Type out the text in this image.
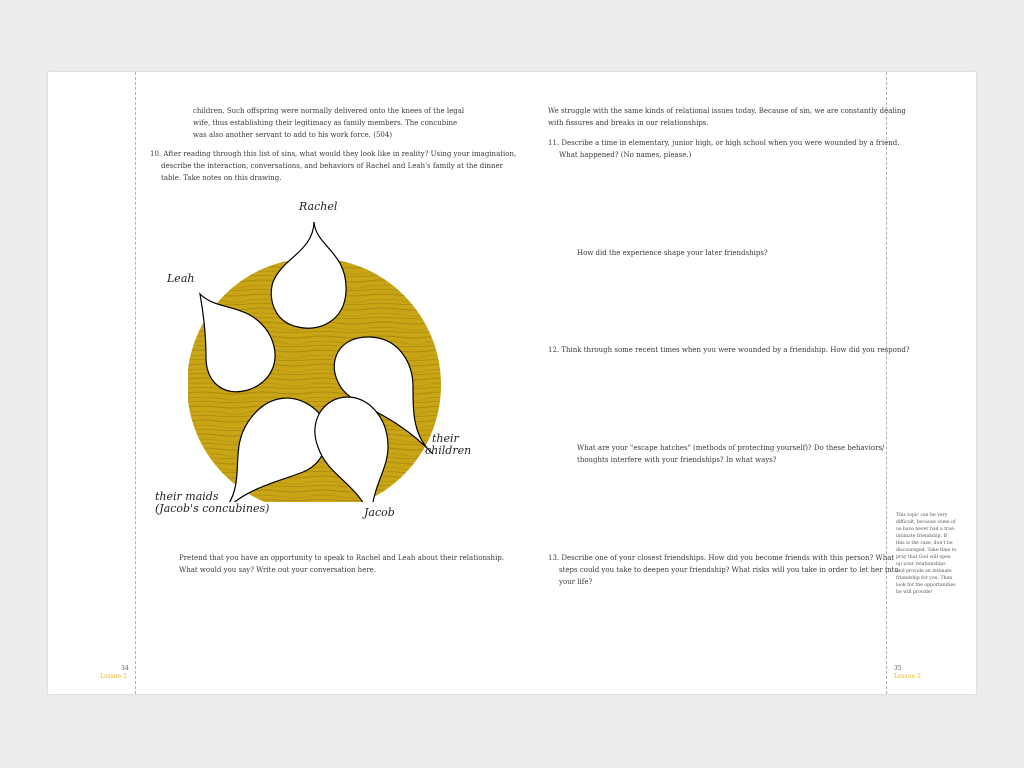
children. Such offspring were normally delivered onto the knees of the legal
wife, thus establishing their legitimacy as family members. The concubine
was also another servant to add to his work force. (504)
10. After reading through this list of sins, what would they look like in reality? Using your imagination,
describe the interaction, conversations, and behaviors of Rachel and Leah's family at the dinner
table. Take notes on this drawing.
Rachel
Leah
their
children
their maids
(Jacob's concubines)	Jacob
Pretend that you have an opportunity to speak to Rachel and Leah about their relationship.
What would you say? Write out your conversation here.
34
Lesson 2
We struggle with the same kinds of relational issues today. Because of sin, we are constantly dealing
with fissures and breaks in our relationships.
11. Describe a time in elementary, junior high, or high school when you were wounded by a friend.
What happened? (No names, please.)
How did the experience shape your later friendships?
12. Think through some recent times when you were wounded by a friendship. How did you respond?
What are your "escape hatches" (methods of protecting yourself)? Do these behaviors/
thoughts interfere with your friendships? In what ways?
13. Describe one of your closest friendships. How did you become friends with this person? What
steps could you take to deepen your friendship? What risks will you take in order to let her into
your life?
This topic can be very
difficult, because some of
us have never had a true,
intimate friendship. If
this is the case, don't be
discouraged. Take time to
pray that God will open
up your relationships
and provide an intimate
friendship for you. Then
look for the opportunities
he will provide!
35
Lesson 2
